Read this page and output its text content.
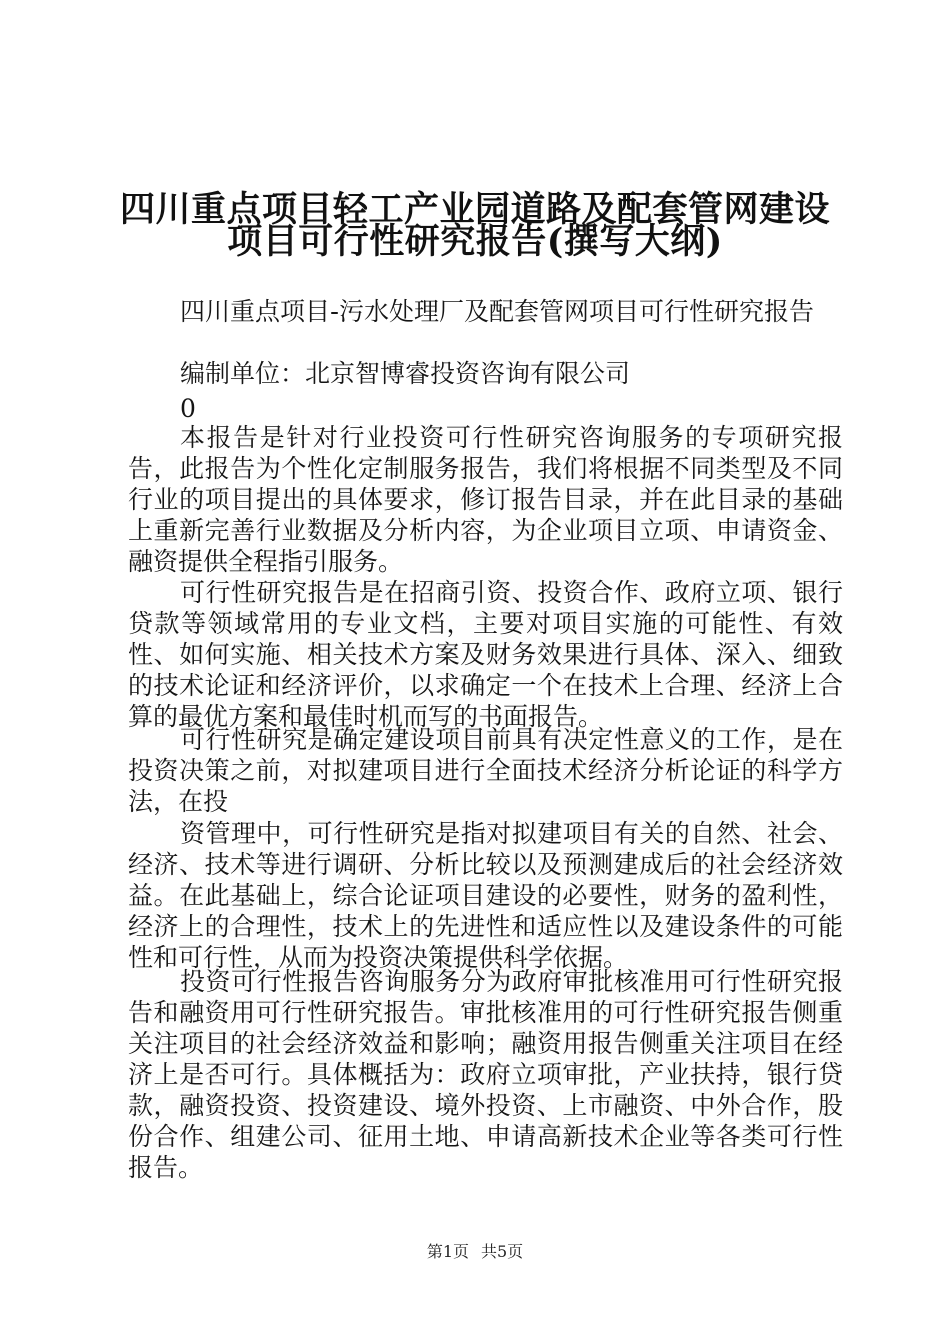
四川重点项目轻工产业园道路及配套管网建设
项目可行性研究报告(撰写大纲)
四川重点项目-污水处理厂及配套管网项目可行性研究报告
编制单位：北京智博睿投资咨询有限公司
0

本报告是针对行业投资可行性研究咨询服务的专项研究报告，此报告为个性化定制服务报告，我们将根据不同类型及不同行业的项目提出的具体要求，修订报告目录，并在此目录的基础上重新完善行业数据及分析内容，为企业项目立项、申请资金、融资提供全程指引服务。

可行性研究报告是在招商引资、投资合作、政府立项、银行贷款等领域常用的专业文档，主要对项目实施的可能性、有效性、如何实施、相关技术方案及财务效果进行具体、深入、细致的技术论证和经济评价，以求确定一个在技术上合理、经济上合算的最优方案和最佳时机而写的书面报告。

可行性研究是确定建设项目前具有决定性意义的工作，是在投资决策之前，对拟建项目进行全面技术经济分析论证的科学方法，在投

资管理中，可行性研究是指对拟建项目有关的自然、社会、经济、技术等进行调研、分析比较以及预测建成后的社会经济效益。在此基础上，综合论证项目建设的必要性，财务的盈利性，经济上的合理性，技术上的先进性和适应性以及建设条件的可能性和可行性，从而为投资决策提供科学依据。

投资可行性报告咨询服务分为政府审批核准用可行性研究报告和融资用可行性研究报告。审批核准用的可行性研究报告侧重关注项目的社会经济效益和影响；融资用报告侧重关注项目在经济上是否可行。具体概括为：政府立项审批，产业扶持，银行贷款，融资投资、投资建设、境外投资、上市融资、中外合作，股份合作、组建公司、征用土地、申请高新技术企业等各类可行性报告。

第1页 共5页
